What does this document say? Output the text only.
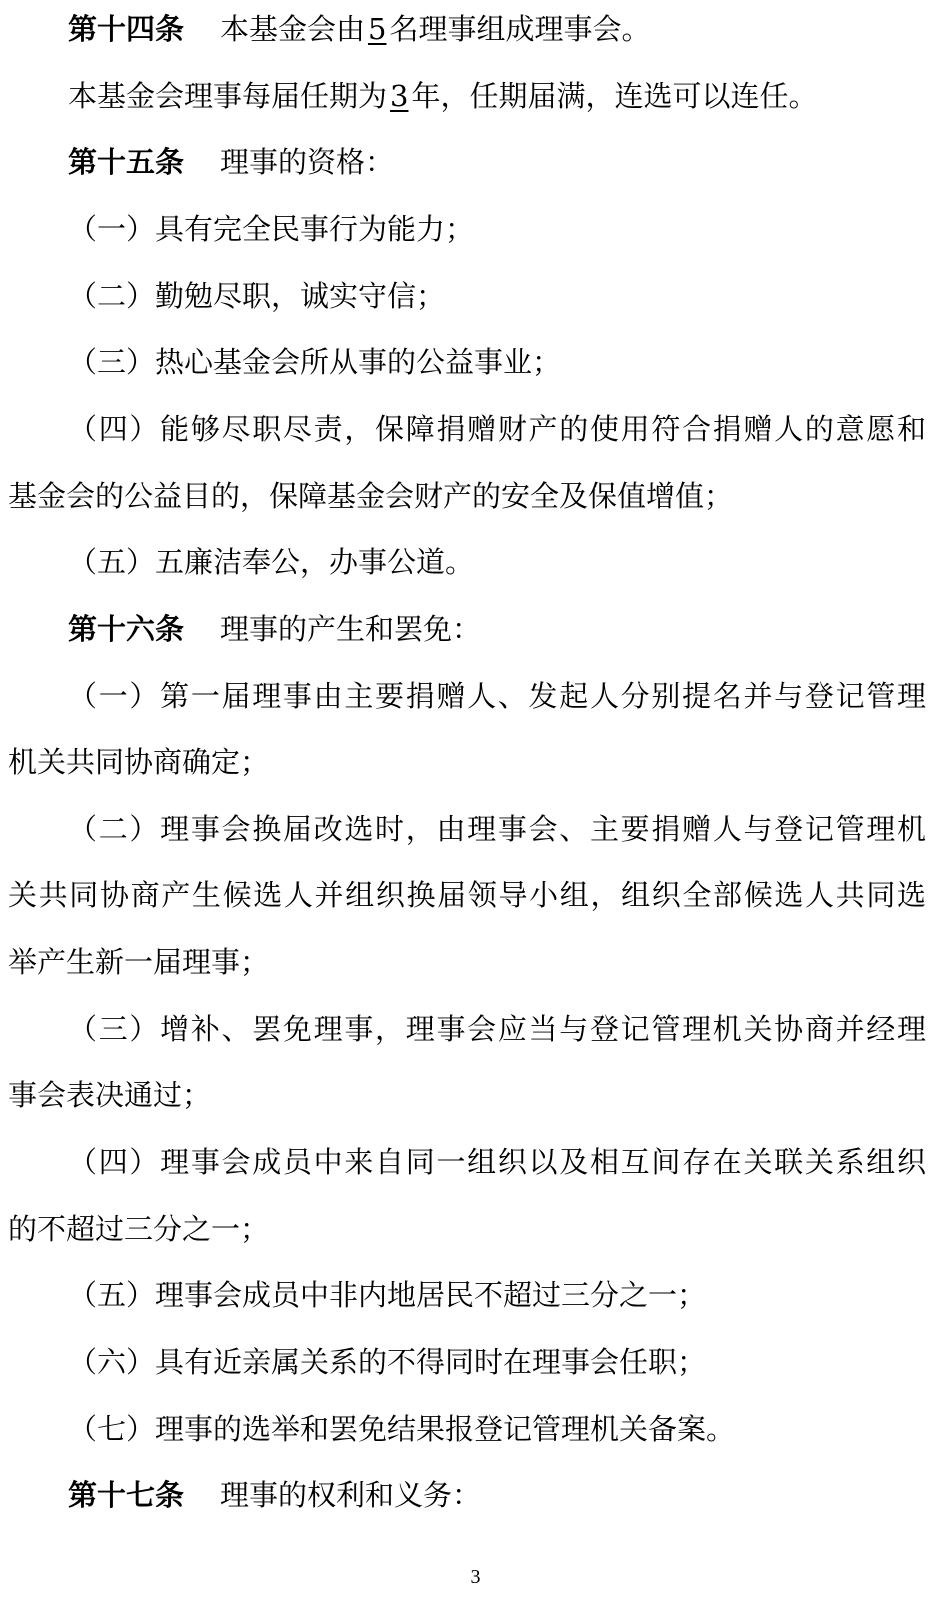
第十四条 本基金会由 5 名理事组成理事会。
本基金会理事每届任期为 3 年，任期届满，连选可以连任。
第十五条 理事的资格：
（一）具有完全民事行为能力；
（二）勤勉尽职，诚实守信；
（三）热心基金会所从事的公益事业；
（四）能够尽职尽责，保障捐赠财产的使用符合捐赠人的意愿和
基金会的公益目的，保障基金会财产的安全及保值增值；
（五）五廉洁奉公，办事公道。
第十六条 理事的产生和罢免：
（一）第一届理事由主要捐赠人、发起人分别提名并与登记管理
机关共同协商确定；
（二）理事会换届改选时，由理事会、主要捐赠人与登记管理机
关共同协商产生候选人并组织换届领导小组，组织全部候选人共同选
举产生新一届理事；
（三）增补、罢免理事，理事会应当与登记管理机关协商并经理
事会表决通过；
（四）理事会成员中来自同一组织以及相互间存在关联关系组织
的不超过三分之一；
（五）理事会成员中非内地居民不超过三分之一；
（六）具有近亲属关系的不得同时在理事会任职；
（七）理事的选举和罢免结果报登记管理机关备案。
第十七条 理事的权利和义务：
3
